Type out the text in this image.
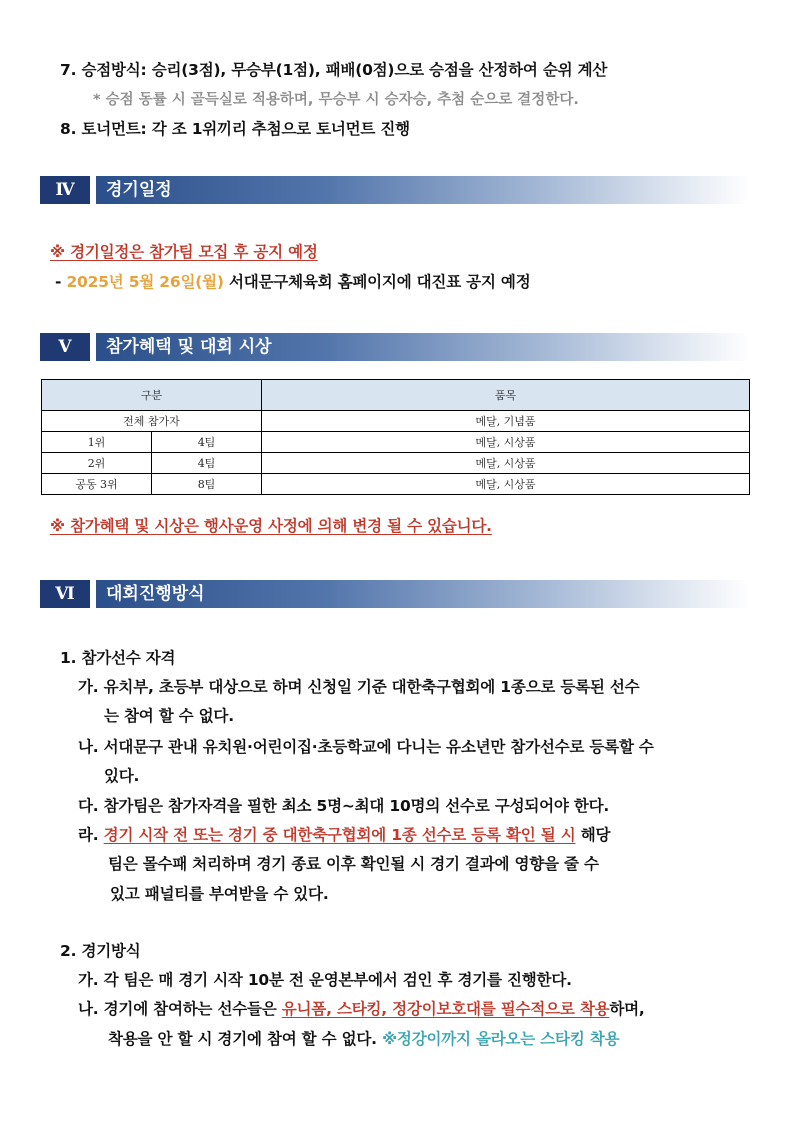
7. 승점방식: 승리(3점), 무승부(1점), 패배(0점)으로 승점을 산정하여 순위 계산
* 승점 동률 시 골득실로 적용하며, 무승부 시 승자승, 추첨 순으로 결정한다.
8. 토너먼트: 각 조 1위끼리 추첨으로 토너먼트 진행
Ⅳ	경기일정
※ 경기일정은 참가팀 모집 후 공지 예정
- 2025년 5월 26일(월) 서대문구체육회 홈페이지에 대진표 공지 예정
Ⅴ	참가혜택 및 대회 시상
구분		품목
전체 참가자		메달, 기념품
1위	4팀	메달, 시상품
2위	4팀	메달, 시상품
공동 3위	8팀	메달, 시상품
※ 참가혜택 및 시상은 행사운영 사정에 의해 변경 될 수 있습니다.
Ⅵ	대회진행방식
1. 참가선수 자격
가. 유치부, 초등부 대상으로 하며 신청일 기준 대한축구협회에 1종으로 등록된 선수
는 참여 할 수 없다.
나. 서대문구 관내 유치원·어린이집·초등학교에 다니는 유소년만 참가선수로 등록할 수
있다.
다. 참가팀은 참가자격을 필한 최소 5명~최대 10명의 선수로 구성되어야 한다.
라. 경기 시작 전 또는 경기 중 대한축구협회에 1종 선수로 등록 확인 될 시 해당
팀은 몰수패 처리하며 경기 종료 이후 확인될 시 경기 결과에 영향을 줄 수
있고 패널티를 부여받을 수 있다.
2. 경기방식
가. 각 팀은 매 경기 시작 10분 전 운영본부에서 검인 후 경기를 진행한다.
나. 경기에 참여하는 선수들은 유니폼, 스타킹, 정강이보호대를 필수적으로 착용하며,
착용을 안 할 시 경기에 참여 할 수 없다. ※정강이까지 올라오는 스타킹 착용
